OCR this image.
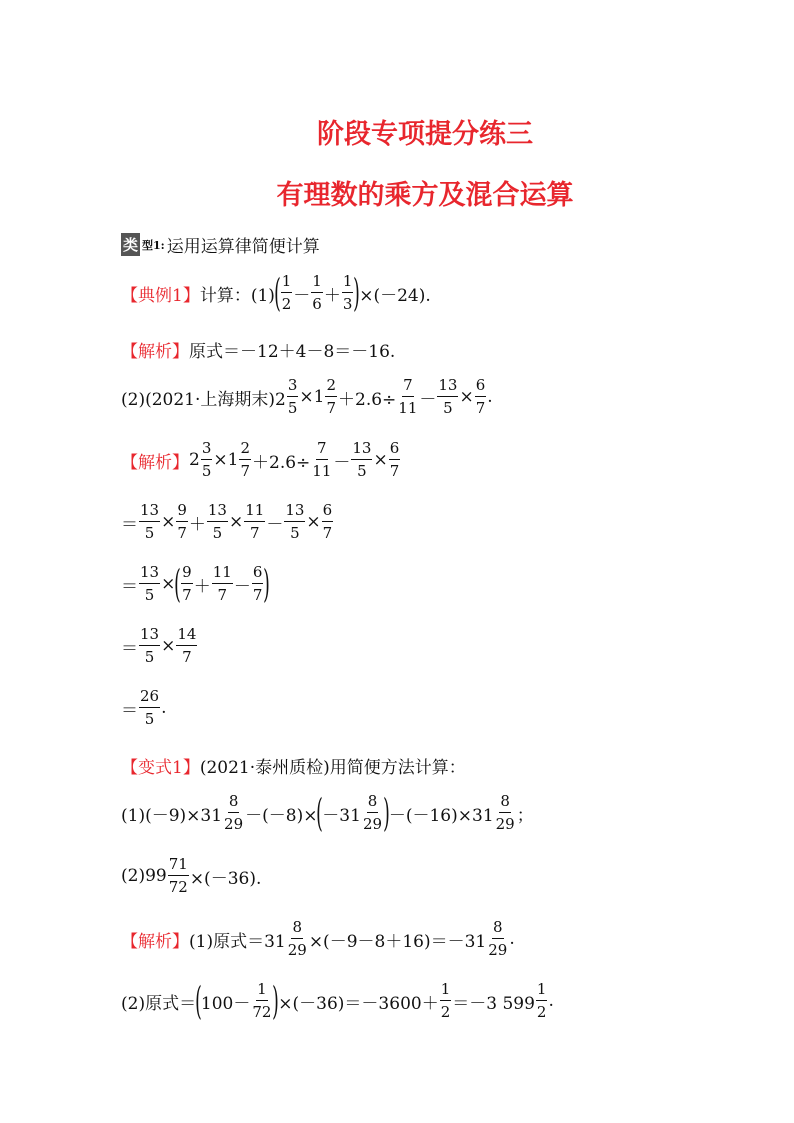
阶段专项提分练三
有理数的乘方及混合运算
类 型1: 运用运算律简便计算
【典例1】 计算：(1) ( $\frac{1}{2} - \frac{1}{6} + \frac{1}{3}$ ) ×(－24).
【解析】 原式＝－12＋4－8＝－16.
(2)(2021·上海期末)$2 \frac{3}{5} \times 1 \frac{2}{7} +2.6\div \frac{7}{11} - \frac{13}{5} \times \frac{6}{7}$ .
【解析】 $2 \frac{3}{5} \times 1 \frac{2}{7} +2.6\div \frac{7}{11} - \frac{13}{5} \times \frac{6}{7}$
＝ $\frac{13}{5} \times \frac{9}{7} + \frac{13}{5} \times \frac{11}{7} - \frac{13}{5} \times \frac{6}{7}$
＝ $\frac{13}{5}$ × ( $\frac{9}{7} + \frac{11}{7} - \frac{6}{7}$ )
＝ $\frac{13}{5} \times \frac{14}{7}$
＝ $\frac{26}{5}$ .
【变式1】 (2021·泰州质检)用简便方法计算：
$(1)(-9)\times 31 \frac{8}{29} -(-8)\times$ ( $-31 \frac{8}{29}$ ) $-(-16)\times 31 \frac{8}{29}$ ；
$(2)99 \frac{71}{72} \times(-36)$.
【解析】 (1)原式$=31 \frac{8}{29} \times(-9-8+16)=-31 \frac{8}{29}$ .
(2)原式＝ ( $100- \frac{1}{72}$ ) $\times(-36)=-3600+ \frac{1}{2} =-3$ $599 \frac{1}{2}$ .
